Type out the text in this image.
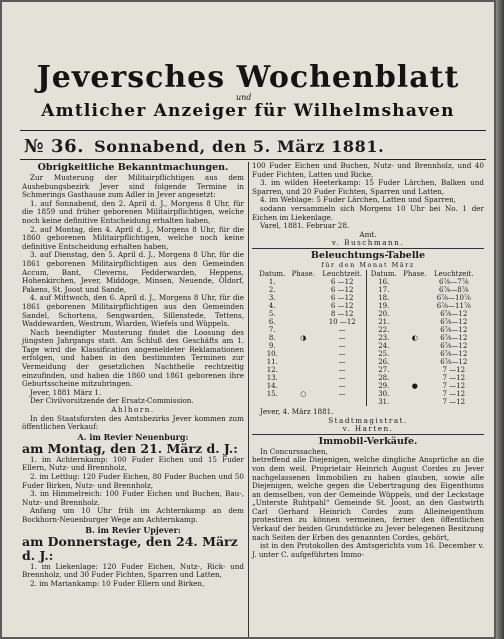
Jeversches Wochenblatt
und
Amtlicher Anzeiger für Wilhelmshaven
№ 36. Sonnabend, den 5. März 1881.
Obrigkeitliche Bekanntmachungen.

Zur Musterung der Militairpflichtigen aus dem Aushebungsbezirk Jever sind folgende Termine in Schmerings Gasthause zum Adler in Jever angesetzt:

1. auf Sonnabend, den 2. April d. J., Morgens 8 Uhr, für die 1859 und früher geborenen Militairpflichtigen, welche noch keine definitive Entscheidung erhalten haben,

2. auf Montag, den 4. April d. J., Morgens 8 Uhr, für die 1860 geborenen Militairpflichtigen, welche noch keine definitive Entscheidung erhalten haben,

3. auf Dienstag, den 5. April d. J., Morgens 8 Uhr, für die 1861 geborenen Militairpflichtigen aus den Gemeinden Accum, Bant, Cleverns, Fedderwarden, Heppens, Hohenkirchen, Jever, Middoge, Minsen, Neuende, Oldorf, Pakens, St. Joost und Sande,

4. auf Mittwoch, den 6. April d. J., Morgens 8 Uhr, für die 1861 geborenen Militairpflichtigen aus den Gemeinden Sandel, Schortens, Sengwarden, Sillenstede, Tettens, Waddewarden, Westrum, Wiarden, Wiefels und Wüppels.

Nach beendigter Musterung findet die Loosung des jüngsten Jahrgangs statt. Am Schluß des Geschäfts am 1. Tage wird die Klassification angemeldeter Reklamationen erfolgen, und haben in den bestimmten Terminen zur Vermeidung der gesetzlichen Nachtheile rechtzeitig einzufinden, und haben die 1860 und 1861 geborenen ihre Geburtsscheine mitzubringen.

Jever, 1881 März 1.

Der Civilvorsitzende der Ersatz-Commission.

Ahlhorn.

In den Staatsforsten des Amtsbezirks Jever kommen zum öffentlichen Verkauf:

A. im Revier Neuenburg:
am Montag, den 21. März d. J.:

1. im Achternkamp: 100 Fuder Eichen und 15 Fuder Ellern, Nutz- und Brennholz,

2. im Lettlug: 120 Fuder Eichen, 80 Fuder Buchen und 50 Fuder Birken, Nutz- und Brennholz,

3. im Himmelreich: 100 Fuder Eichen und Buchen, Bau-, Nutz- und Brennholz.

Anfang um 10 Uhr früh im Achternkamp an dem Bockhorn-Neuenburger Wege am Achternkamp.

B. im Revier Upjever:
am Donnerstage, den 24. März d. J.:

1. im Liekenlage: 120 Fuder Eichen, Nutz-, Rick- und Brennholz, und 30 Fuder Fichten, Sparren und Latten,

2. im Mariankamp: 10 Fuder Ellern und Birken,

100 Fuder Eichen und Buchen, Nutz- und Brennholz, und 40 Fuder Fichten, Latten und Ricke,

3. im wilden Heeterkamp: 15 Fuder Lärchen, Balken und Sparren, und 20 Fuder Fichten, Sparren und Latten,

4. im Weblage: 5 Fuder Lärchen, Latten und Sparren,

sodann versammeln sich Morgens 10 Uhr bei No. 1 der Eichen im Liekenlage.

Varel, 1881. Februar 28.

Amt.

v. Buschmann.

Beleuchtungs-Tabelle
für den Monat März
Datum.	Phase.	Leuchtzeit.	Datum.	Phase.	Leuchtzeit.
1.		6 —12	16.		6⅞—7⅞
2.		6 —12	17.		6⅞—8⅞
3.		6 —12	18.		6⅞—10⅞
4.		6 —12	19.		6⅞—11⅞
5.		8 —12	20.		6⅞—12
6.		10 —12	21.		6⅞—12
7.		—	22.		6⅞—12
8.	◑	—	23.	◐	6⅞—12
9.		—	24.		6⅞—12
10.		—	25.		6⅞—12
11.		—	26.		6⅞—12
12.		—	27.		7 —12
13.		—	28.		7 —12
14.		—	29.	●	7 —12
15.	○	—	30.		7 —12
			31.		7 —12

Jever, 4. März 1881.

Stadtmagistrat.

v. Harten.

Immobil-Verkäufe.

In Concurssachen,

betreffend alle Diejenigen, welche dingliche Ansprüche an die von dem weil. Proprietair Heinrich August Cordes zu Jever nachgelassenen Immobilien zu haben glauben, sowie alle Diejenigen, welche gegen die Uebertragung des Eigenthums an demselben, von der Gemeinde Wüppels, und der Leckstage „Unterste Ruhtpahl“ Gemeinde St. Joost, an den Gastwirth Carl Gerhard Heinrich Cordes zum Alleineigenthum protestiren zu können vermeinen, ferner den öffentlichen Verkauf der beiden Grundstücke zu Jever belegenen Besitzung nach Seiten der Erben des genannten Cordes, gehört,

ist in den Protokollen des Amtsgerichts vom 16. December v. J. unter C. aufgeführten Immo-
